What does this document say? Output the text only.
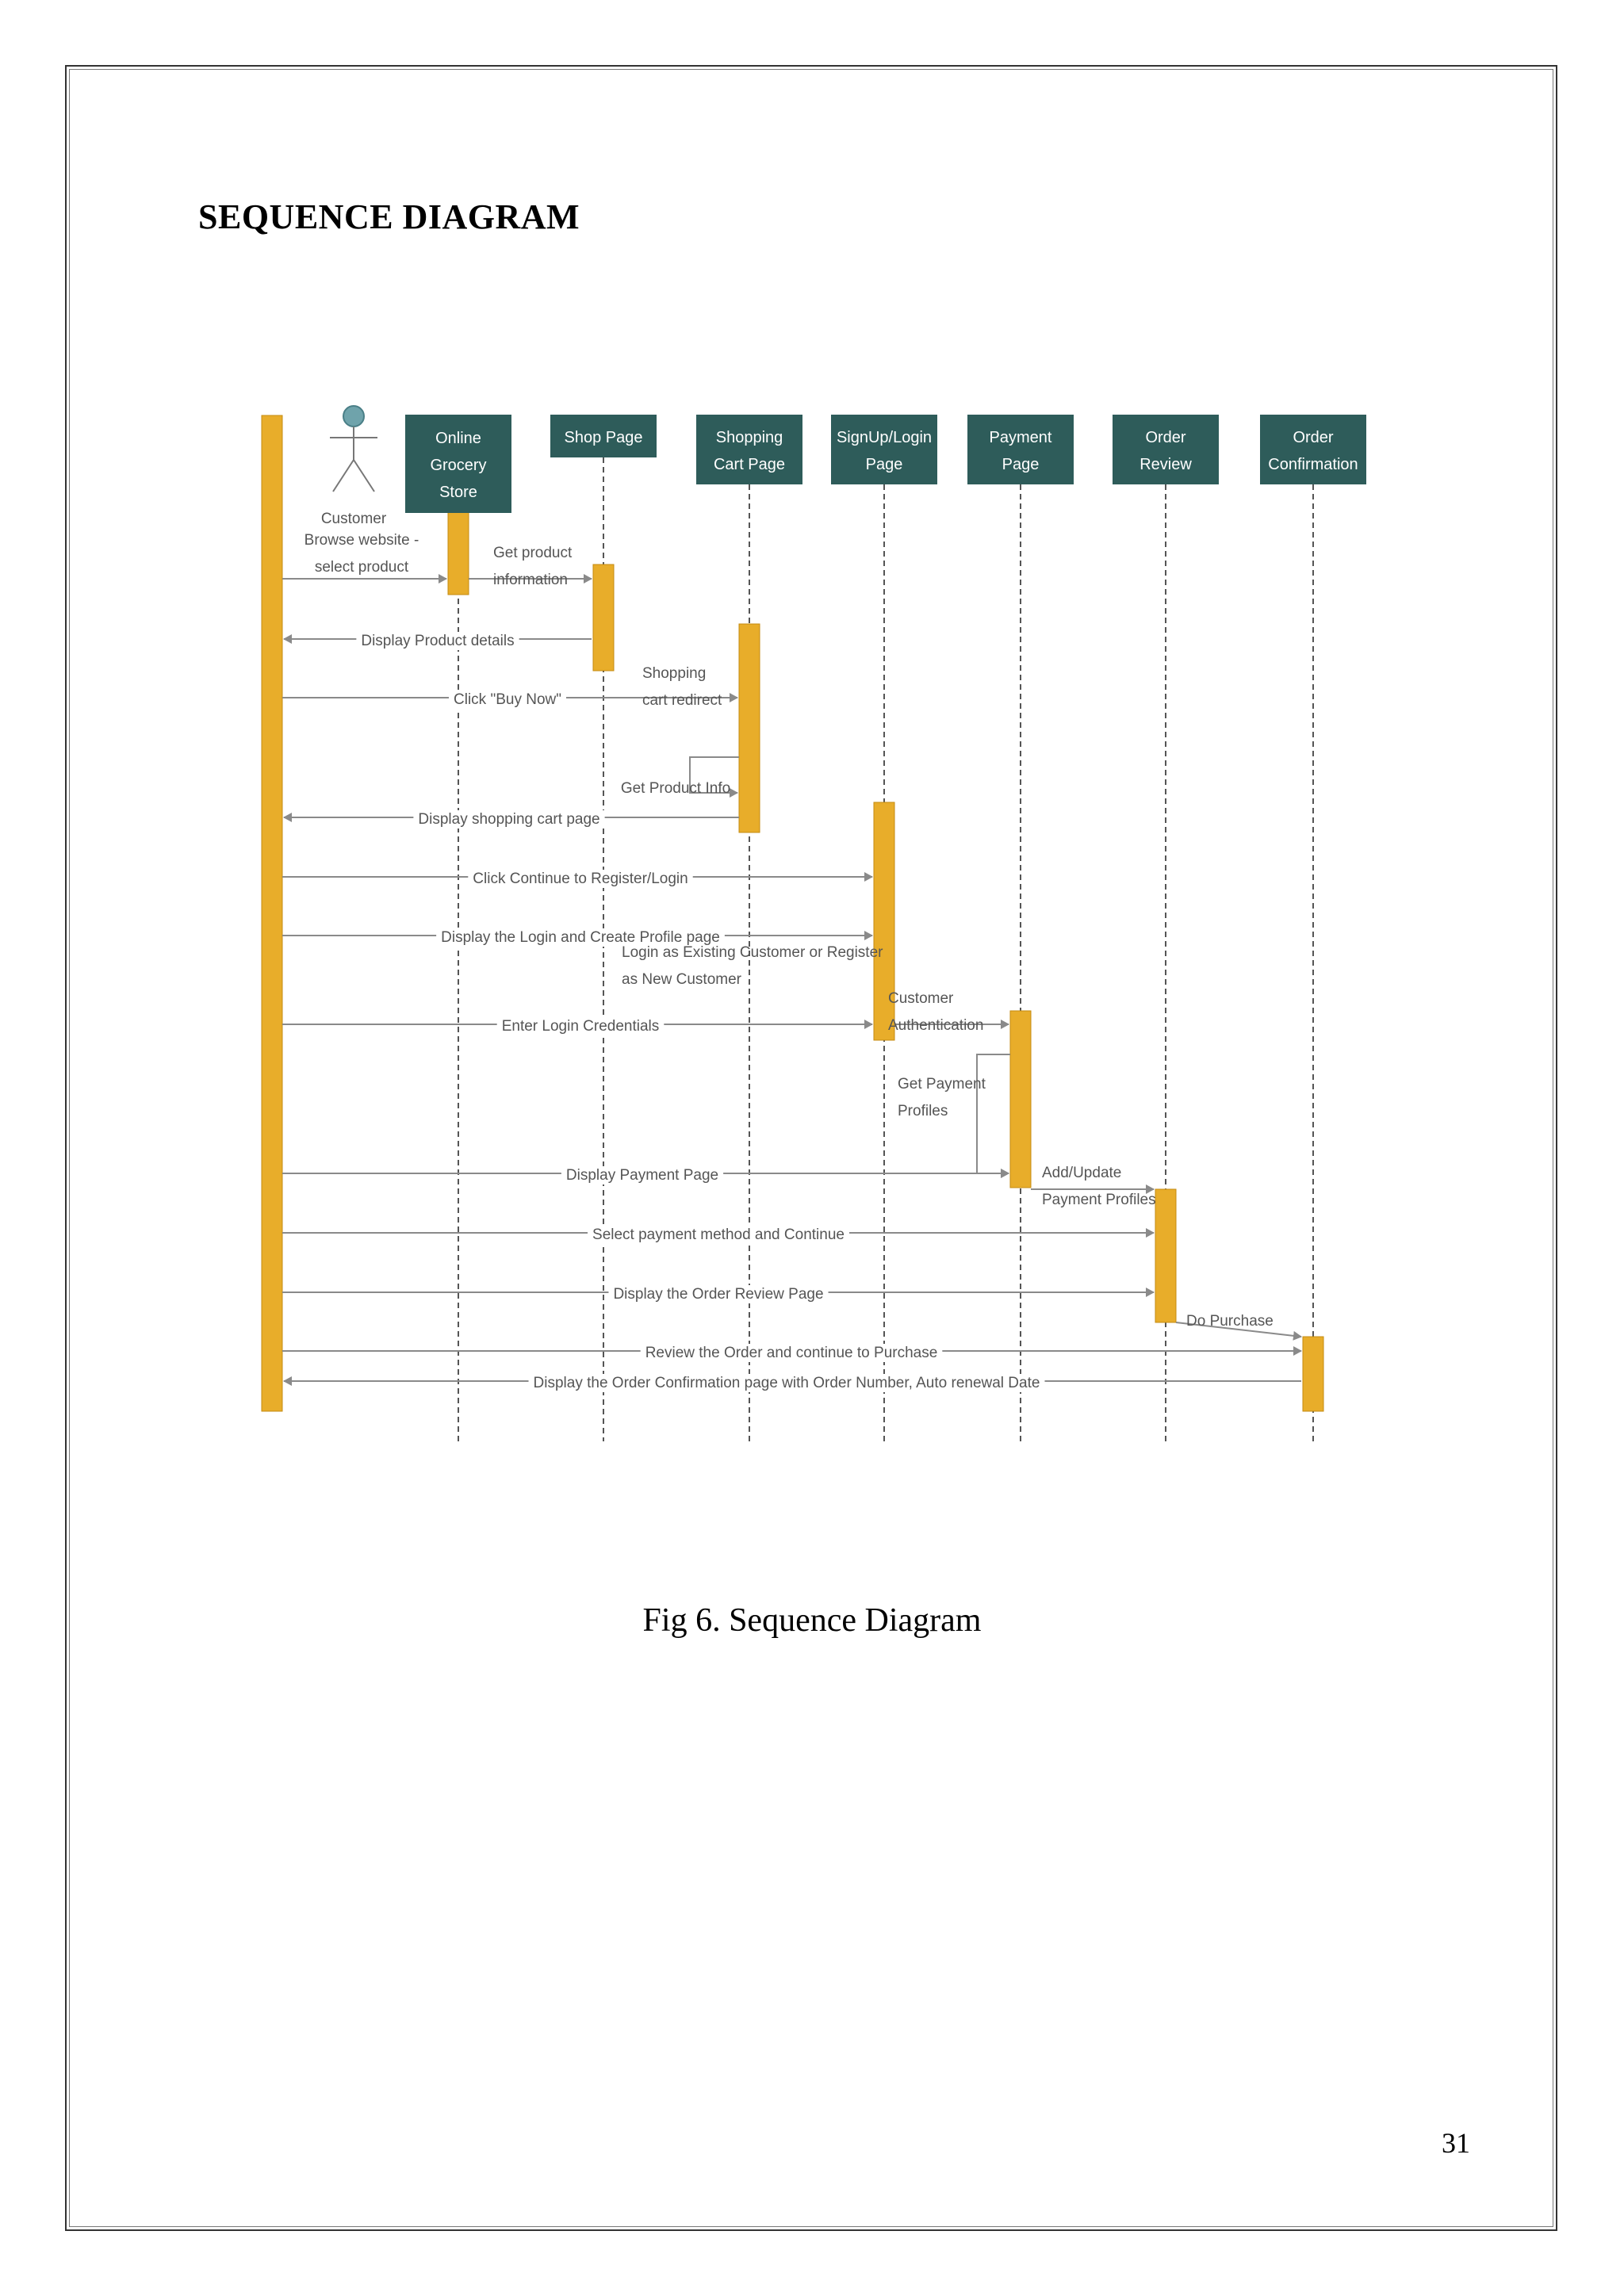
SEQUENCE DIAGRAM
Online Grocery Store
Shop Page	Shopping Cart Page
SignUp/Login Page
Payment Page
Order Review
Order Confirmation
Customer
Browse website -select product
Get product information
Display Product details
Click "Buy Now"
Shopping cart redirect
Get Product Info
Display shopping cart page
Click Continue to Register/Login
Display the Login and Create Profile page
Login as Existing Customer or Register as New Customer
Enter Login Credentials
Customer Authentication
Get Payment Profiles
Display Payment Page	Add/Update Payment Profiles
Select payment method and Continue
Display the Order Review Page
Do Purchase
Review the Order and continue to Purchase
Display the Order Confirmation page with Order Number, Auto renewal Date
Fig 6. Sequence Diagram
31
